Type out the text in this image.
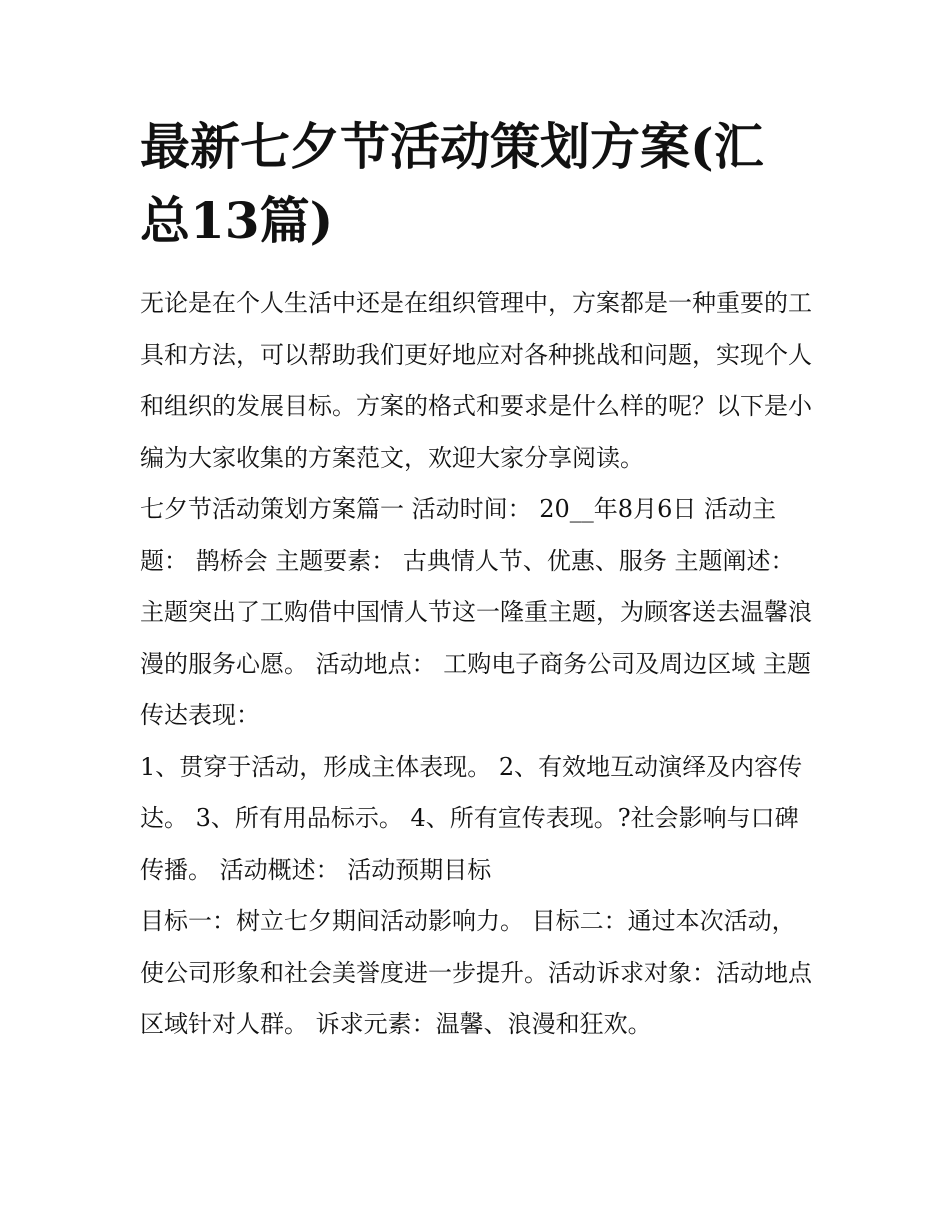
最新七夕节活动策划方案(汇总13篇)

无论是在个人生活中还是在组织管理中，方案都是一种重要的工具和方法，可以帮助我们更好地应对各种挑战和问题，实现个人和组织的发展目标。方案的格式和要求是什么样的呢？以下是小编为大家收集的方案范文，欢迎大家分享阅读。

七夕节活动策划方案篇一 活动时间： 20__年8月6日 活动主题： 鹊桥会 主题要素： 古典情人节、优惠、服务 主题阐述：

主题突出了工购借中国情人节这一隆重主题，为顾客送去温馨浪漫的服务心愿。 活动地点： 工购电子商务公司及周边区域 主题传达表现：

1、贯穿于活动，形成主体表现。 2、有效地互动演绎及内容传达。 3、所有用品标示。 4、所有宣传表现。?社会影响与口碑传播。 活动概述： 活动预期目标

目标一：树立七夕期间活动影响力。 目标二：通过本次活动，使公司形象和社会美誉度进一步提升。活动诉求对象：活动地点区域针对人群。 诉求元素：温馨、浪漫和狂欢。
